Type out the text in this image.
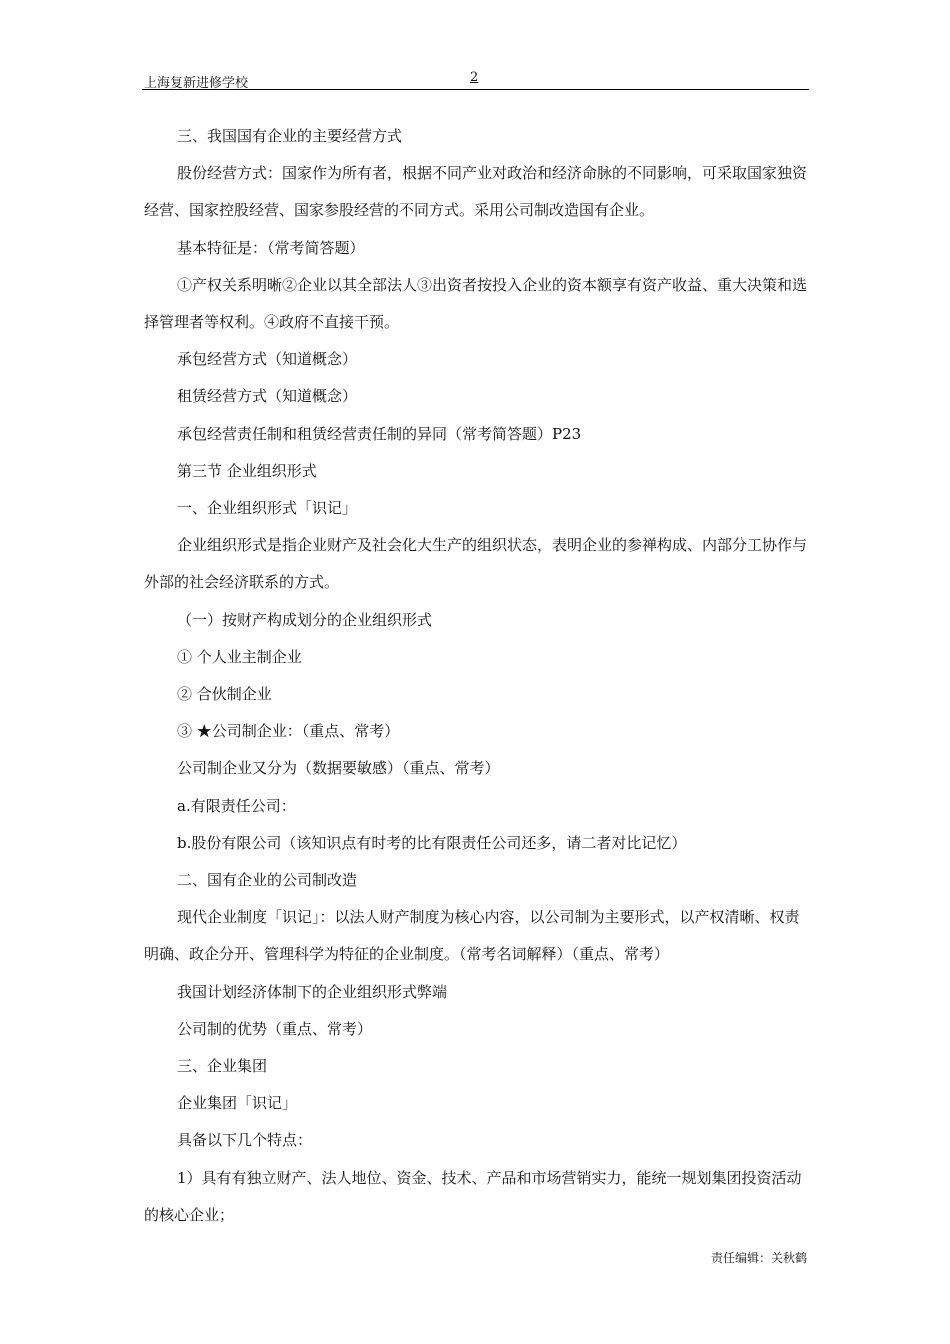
上海复新进修学校	2

三、我国国有企业的主要经营方式

股份经营方式：国家作为所有者，根据不同产业对政治和经济命脉的不同影响，可采取国家独资经营、国家控股经营、国家参股经营的不同方式。采用公司制改造国有企业。

基本特征是：（常考简答题）

①产权关系明晰②企业以其全部法人③出资者按投入企业的资本额享有资产收益、重大决策和选择管理者等权利。④政府不直接干预。

承包经营方式（知道概念）

租赁经营方式（知道概念）

承包经营责任制和租赁经营责任制的异同（常考简答题）P23

第三节 企业组织形式

一、企业组织形式「识记」

企业组织形式是指企业财产及社会化大生产的组织状态，表明企业的参禅构成、内部分工协作与外部的社会经济联系的方式。

（一）按财产构成划分的企业组织形式

① 个人业主制企业

② 合伙制企业

③ ★公司制企业：（重点、常考）

公司制企业又分为（数据要敏感）（重点、常考）

a.有限责任公司：

b.股份有限公司（该知识点有时考的比有限责任公司还多，请二者对比记忆）

二、国有企业的公司制改造

现代企业制度「识记」：以法人财产制度为核心内容，以公司制为主要形式，以产权清晰、权责明确、政企分开、管理科学为特征的企业制度。（常考名词解释）（重点、常考）

我国计划经济体制下的企业组织形式弊端

公司制的优势（重点、常考）

三、企业集团

企业集团「识记」

具备以下几个特点：

1）具有有独立财产、法人地位、资金、技术、产品和市场营销实力，能统一规划集团投资活动的核心企业；

责任编辑：关秋鹤
